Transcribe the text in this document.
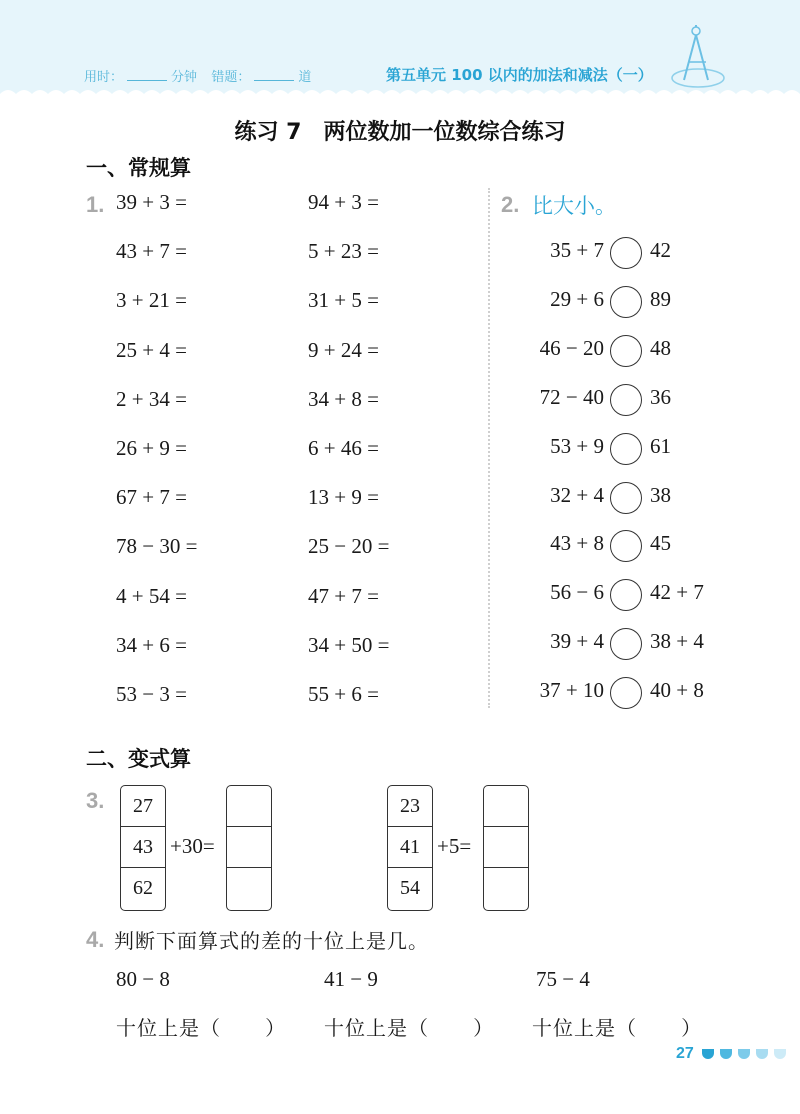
用时：	分钟 错题：	道	第五单元 100 以内的加法和减法（一）
练习 7 两位数加一位数综合练习
一、常规算
1. 39 + 3 =
43 + 7 =
3 + 21 =
25 + 4 =
2 + 34 =
26 + 9 =
67 + 7 =
78 − 30 =
4 + 54 =
34 + 6 =
53 − 3 =
94 + 3 =
5 + 23 =
31 + 5 =
9 + 24 =
34 + 8 =
6 + 46 =
13 + 9 =
25 − 20 =
47 + 7 =
34 + 50 =
55 + 6 =
2. 比大小。
35 + 7 42
29 + 6 89
46 − 20 48
72 − 40 36
53 + 9 61
32 + 4 38
43 + 8 45
56 − 6 42 + 7
39 + 4 38 + 4
37 + 10 40 + 8
二、变式算
3.	27
43
62
+30=
23
41
54
+5=
4. 判断下面算式的差的十位上是几。
80 − 8	41 − 9	75 − 4
十位上是（      ） 十位上是（      ） 十位上是（      ）
27
